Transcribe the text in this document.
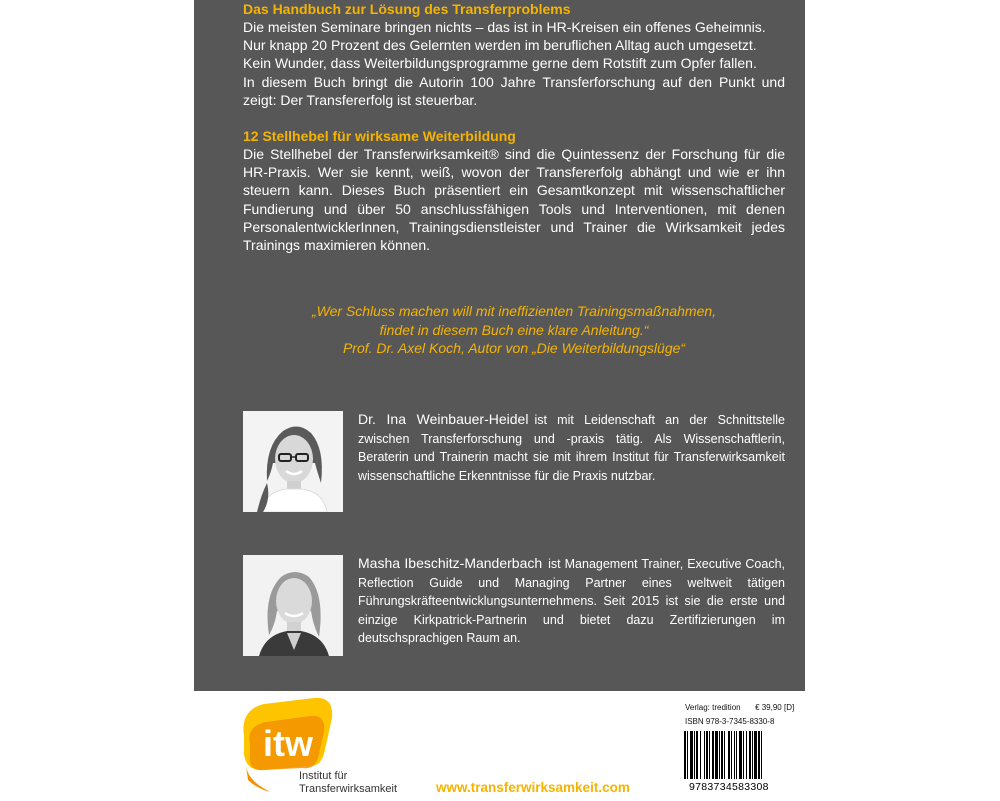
Das Handbuch zur Lösung des Transferproblems
Die meisten Seminare bringen nichts – das ist in HR-Kreisen ein offenes Geheimnis.
Nur knapp 20 Prozent des Gelernten werden im beruflichen Alltag auch umgesetzt.
Kein Wunder, dass Weiterbildungsprogramme gerne dem Rotstift zum Opfer fallen.
In diesem Buch bringt die Autorin 100 Jahre Transferforschung auf den Punkt und zeigt: Der Transfererfolg ist steuerbar.
12 Stellhebel für wirksame Weiterbildung
Die Stellhebel der Transferwirksamkeit® sind die Quintessenz der Forschung für die HR-Praxis. Wer sie kennt, weiß, wovon der Transfererfolg abhängt und wie er ihn steuern kann. Dieses Buch präsentiert ein Gesamtkonzept mit wissenschaftlicher Fundierung und über 50 anschlussfähigen Tools und Interventionen, mit denen PersonalentwicklerInnen, Trainingsdienstleister und Trainer die Wirksamkeit jedes Trainings maximieren können.
„Wer Schluss machen will mit ineffizienten Trainingsmaßnahmen,
findet in diesem Buch eine klare Anleitung.“
Prof. Dr. Axel Koch, Autor von „Die Weiterbildungslüge“
Dr. Ina Weinbauer-Heidel ist mit Leidenschaft an der Schnittstelle zwischen Transferforschung und -praxis tätig. Als Wissenschaftlerin, Beraterin und Trainerin macht sie mit ihrem Institut für Transferwirksamkeit wissenschaftliche Erkenntnisse für die Praxis nutzbar.
Masha Ibeschitz-Manderbach ist Management Trainer, Executive Coach, Reflection Guide und Managing Partner eines weltweit tätigen Führungskräfteentwicklungsunternehmens. Seit 2015 ist sie die erste und einzige Kirkpatrick-Partnerin und bietet dazu Zertifizierungen im deutschsprachigen Raum an.
itw
Institut für
Transferwirksamkeit	www.transferwirksamkeit.com
Verlag: tredition € 39,90 [D]
ISBN 978-3-7345-8330-8
9783734583308
